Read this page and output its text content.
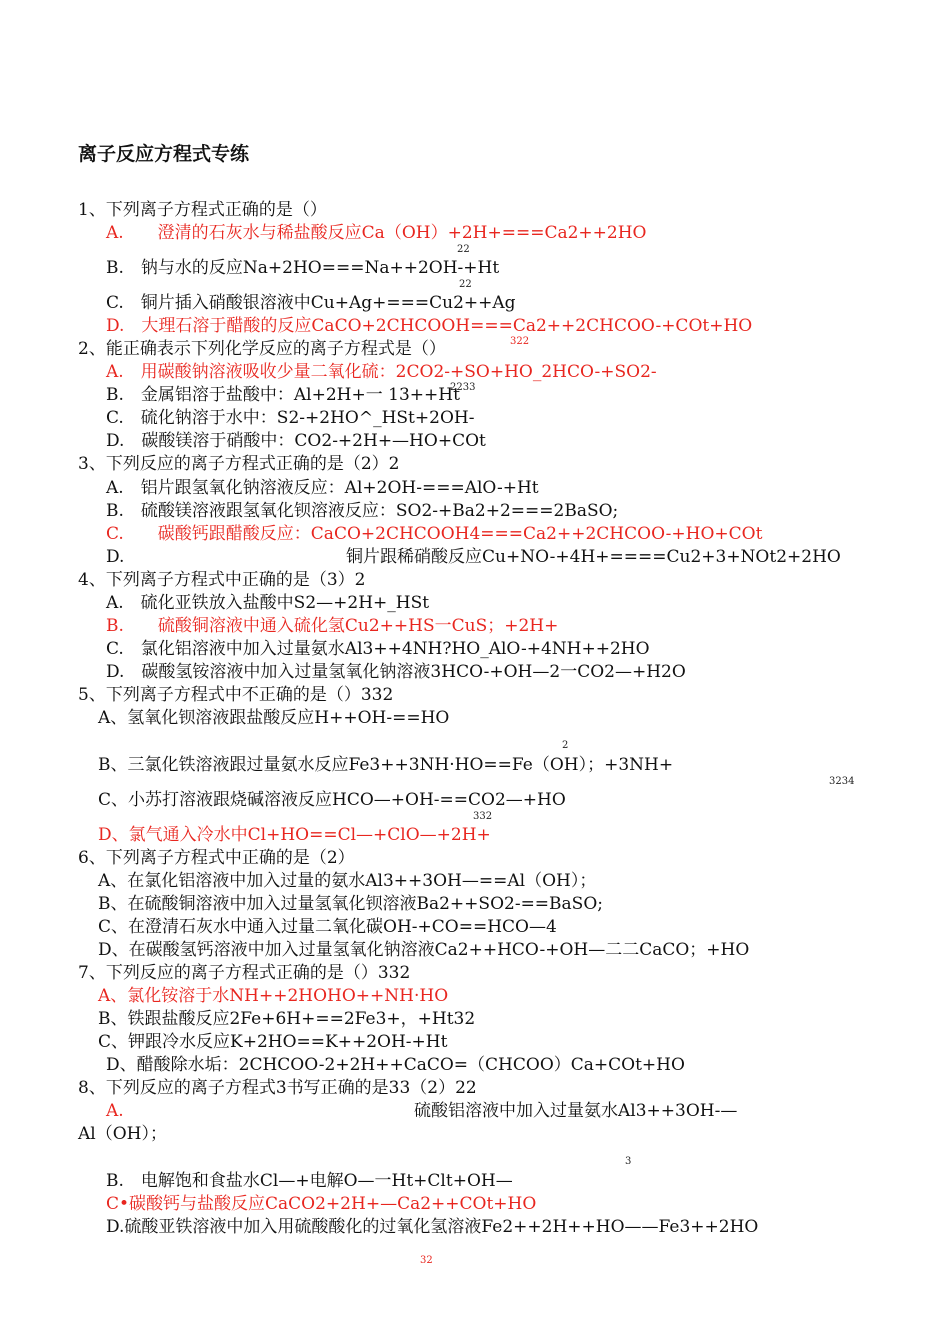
离子反应方程式专练
1、下列离子方程式正确的是（）
A.　　澄清的石灰水与稀盐酸反应Ca（OH）+2H+===Ca2++2HO
22
B.　钠与水的反应Na+2HO===Na++2OH-+Ht
22
C.　铜片插入硝酸银溶液中Cu+Ag+===Cu2++Ag
D.　大理石溶于醋酸的反应CaCO+2CHCOOH===Ca2++2CHCOO-+COt+HO
2、能正确表示下列化学反应的离子方程式是（）	322
A.　用碳酸钠溶液吸收少量二氧化硫：2CO2-+SO+HO_2HCO-+SO2-
B.　金属铝溶于盐酸中：Al+2H+一 13++Ht
2233
C.　硫化钠溶于水中：S2-+2HO^_HSt+2OH-
D.　碳酸镁溶于硝酸中：CO2-+2H+—HO+COt
3、下列反应的离子方程式正确的是（2）2
A.　铝片跟氢氧化钠溶液反应：Al+2OH-===AlO-+Ht
B.　硫酸镁溶液跟氢氧化钡溶液反应：SO2-+Ba2+2===2BaSO;
C.　　碳酸钙跟醋酸反应：CaCO+2CHCOOH4===Ca2++2CHCOO-+HO+COt
D.	铜片跟稀硝酸反应Cu+NO-+4H+====Cu2+3+NOt2+2HO
4、下列离子方程式中正确的是（3）2
A.　硫化亚铁放入盐酸中S2—+2H+_HSt
B.　　硫酸铜溶液中通入硫化氢Cu2++HS一CuS；+2H+
C.　氯化铝溶液中加入过量氨水Al3++4NH?HO_AlO-+4NH++2HO
D.　碳酸氢铵溶液中加入过量氢氧化钠溶液3HCO-+OH—2一CO2—+H2O
5、下列离子方程式中不正确的是（）332
A、氢氧化钡溶液跟盐酸反应H++OH-==HO
2
B、三氯化铁溶液跟过量氨水反应Fe3++3NH·HO==Fe（OH）；+3NH+
3234
C、小苏打溶液跟烧碱溶液反应HCO—+OH-==CO2—+HO
332
D、氯气通入冷水中Cl+HO==Cl—+ClO—+2H+
6、下列离子方程式中正确的是（2）
A、在氯化铝溶液中加入过量的氨水Al3++3OH—==Al（OH）；
B、在硫酸铜溶液中加入过量氢氧化钡溶液Ba2++SO2-==BaSO;
C、在澄清石灰水中通入过量二氧化碳OH-+CO==HCO—4
D、在碳酸氢钙溶液中加入过量氢氧化钠溶液Ca2++HCO-+OH—二二CaCO；+HO
7、下列反应的离子方程式正确的是（）332
A、氯化铵溶于水NH++2HOHO++NH·HO
B、铁跟盐酸反应2Fe+6H+==2Fe3+，+Ht32
C、钾跟冷水反应K+2HO==K++2OH-+Ht
D、醋酸除水垢：2CHCOO-2+2H++CaCO=（CHCOO）Ca+COt+HO
8、下列反应的离子方程式3书写正确的是33（2）22
A.	硫酸铝溶液中加入过量氨水Al3++3OH-—
Al（OH）；
3
B.　电解饱和食盐水Cl—+电解O—一Ht+Clt+OH—
C•碳酸钙与盐酸反应CaCO2+2H+—Ca2++COt+HO
D.硫酸亚铁溶液中加入用硫酸酸化的过氧化氢溶液Fe2++2H++HO——Fe3++2HO
32
